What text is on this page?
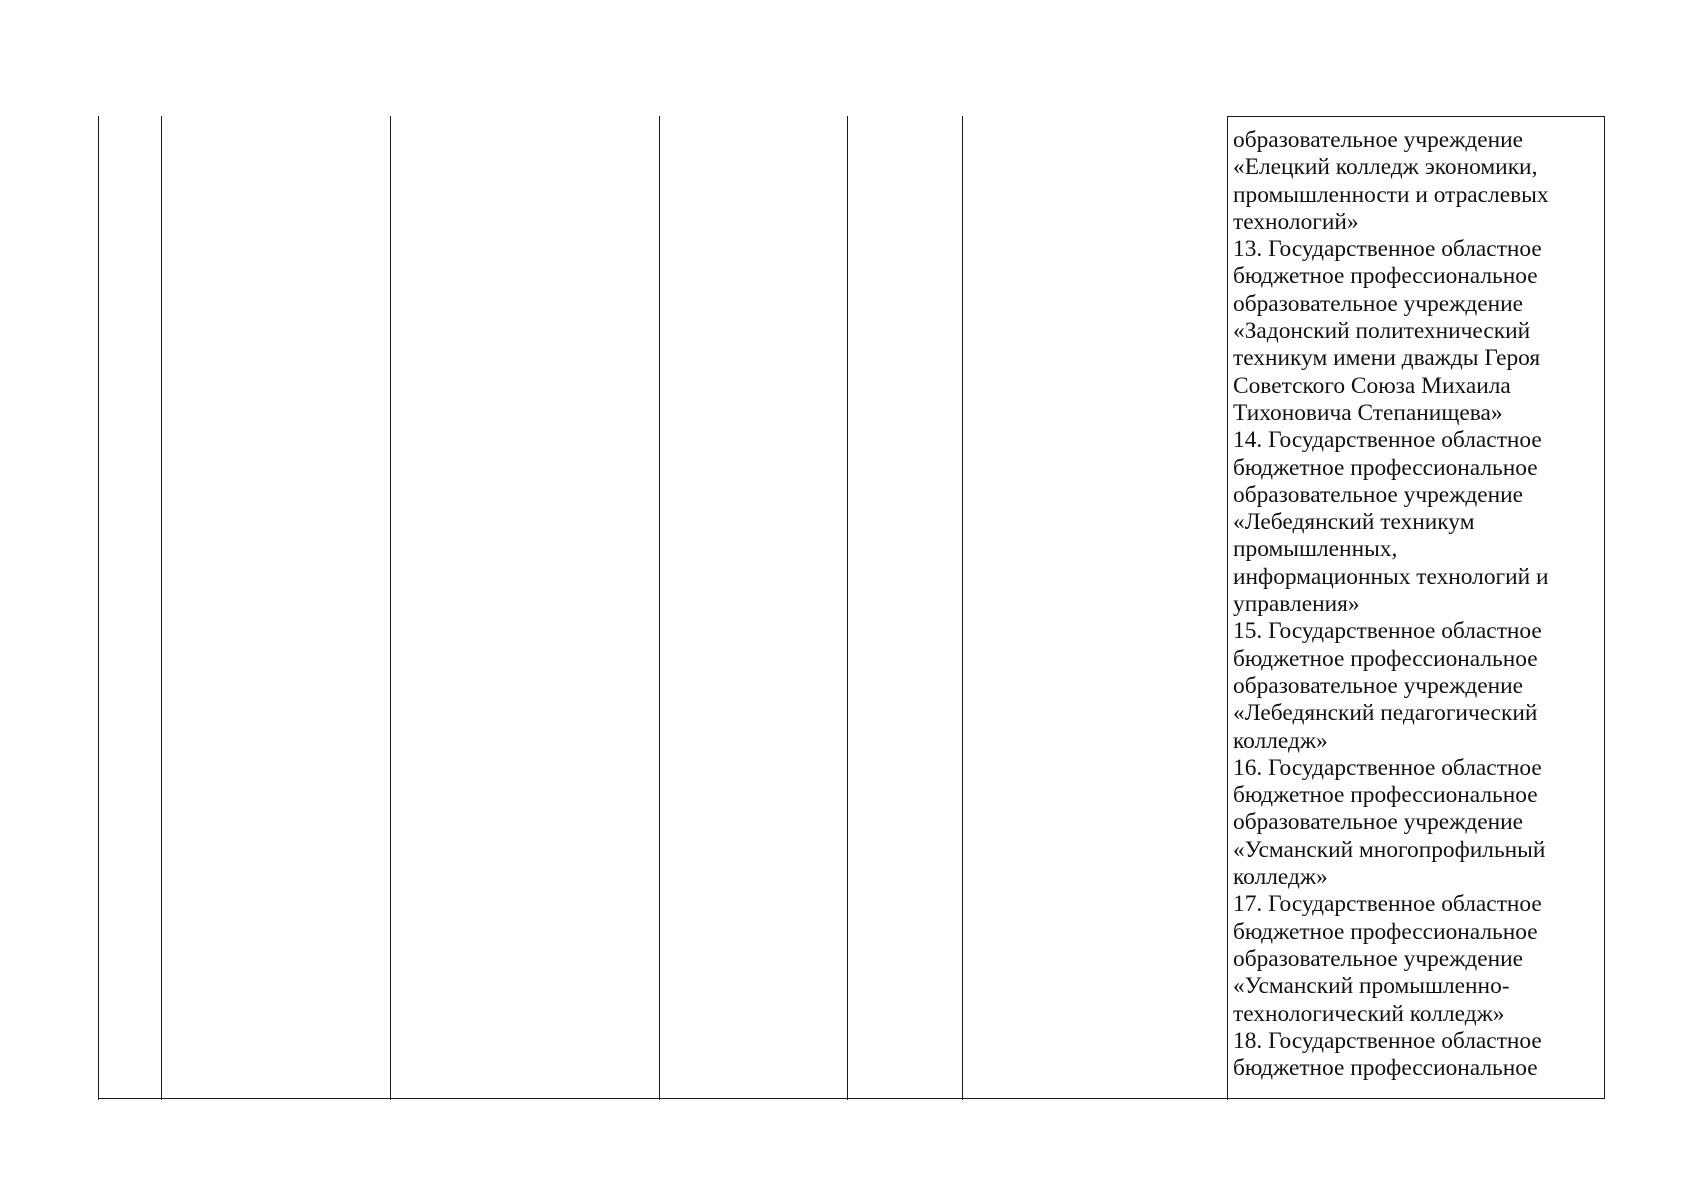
образовательное учреждение
«Елецкий колледж экономики,
промышленности и отраслевых
технологий»
13. Государственное областное
бюджетное профессиональное
образовательное учреждение
«Задонский политехнический
техникум имени дважды Героя
Советского Союза Михаила
Тихоновича Степанищева»
14. Государственное областное
бюджетное профессиональное
образовательное учреждение
«Лебедянский техникум
промышленных,
информационных технологий и
управления»
15. Государственное областное
бюджетное профессиональное
образовательное учреждение
«Лебедянский педагогический
колледж»
16. Государственное областное
бюджетное профессиональное
образовательное учреждение
«Усманский многопрофильный
колледж»
17. Государственное областное
бюджетное профессиональное
образовательное учреждение
«Усманский промышленно-
технологический колледж»
18. Государственное областное
бюджетное профессиональное
